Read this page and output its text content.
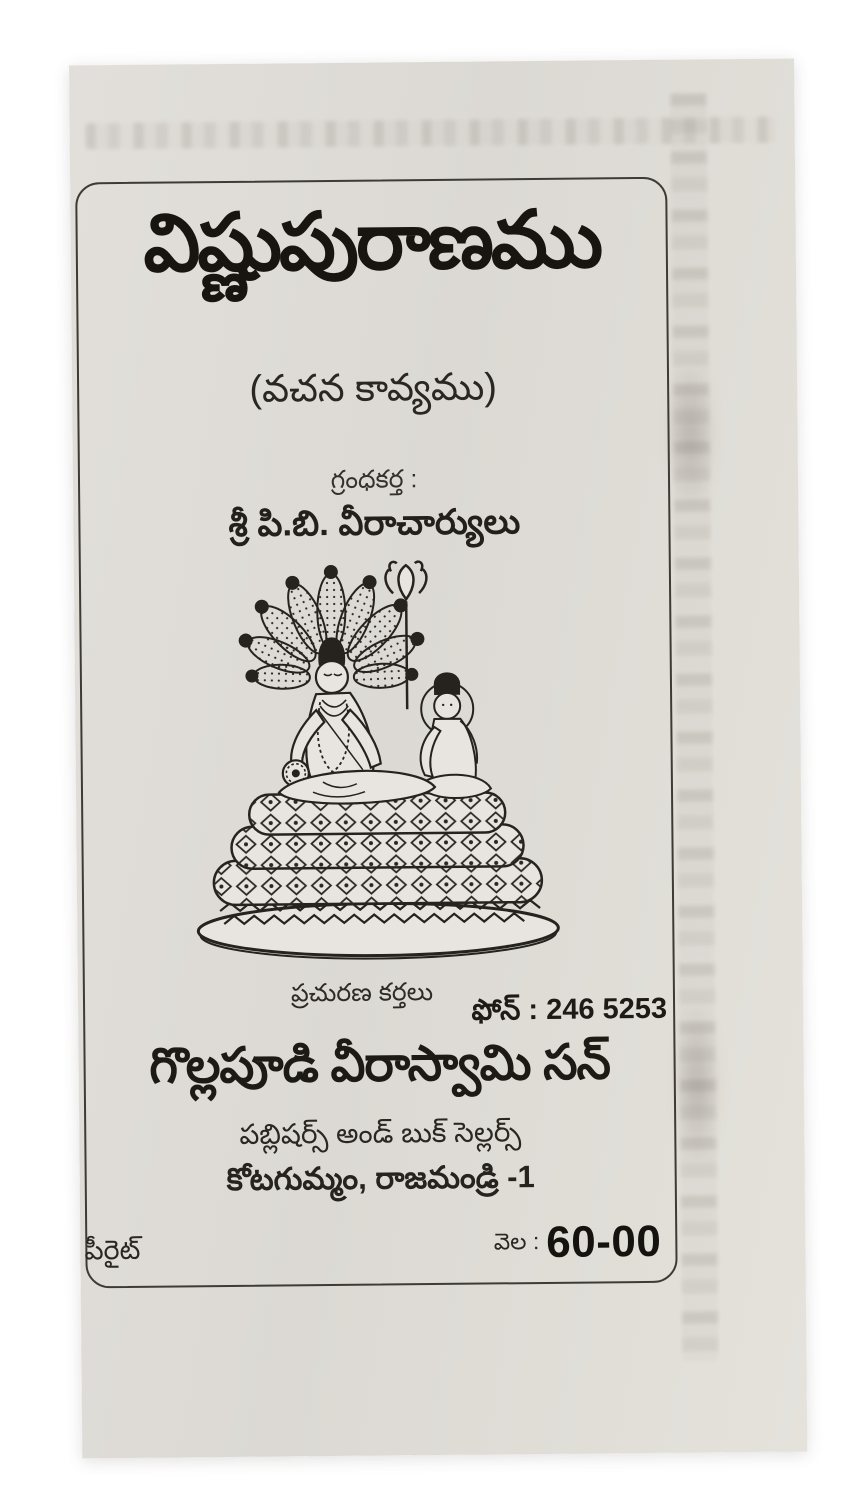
విష్ణుపురాణము
(వచన కావ్యము)
గ్రంధకర్త :
శ్రీ పి.బి. వీరాచార్యులు
ప్రచురణ కర్తలు
ఫోన్ : 246 5253
గొల్లపూడి వీరాస్వామి సన్
పబ్లిషర్స్ అండ్ బుక్ సెల్లర్స్
కోటగుమ్మం, రాజమండ్రి -1
పీరైట్	వెల : 60-00
